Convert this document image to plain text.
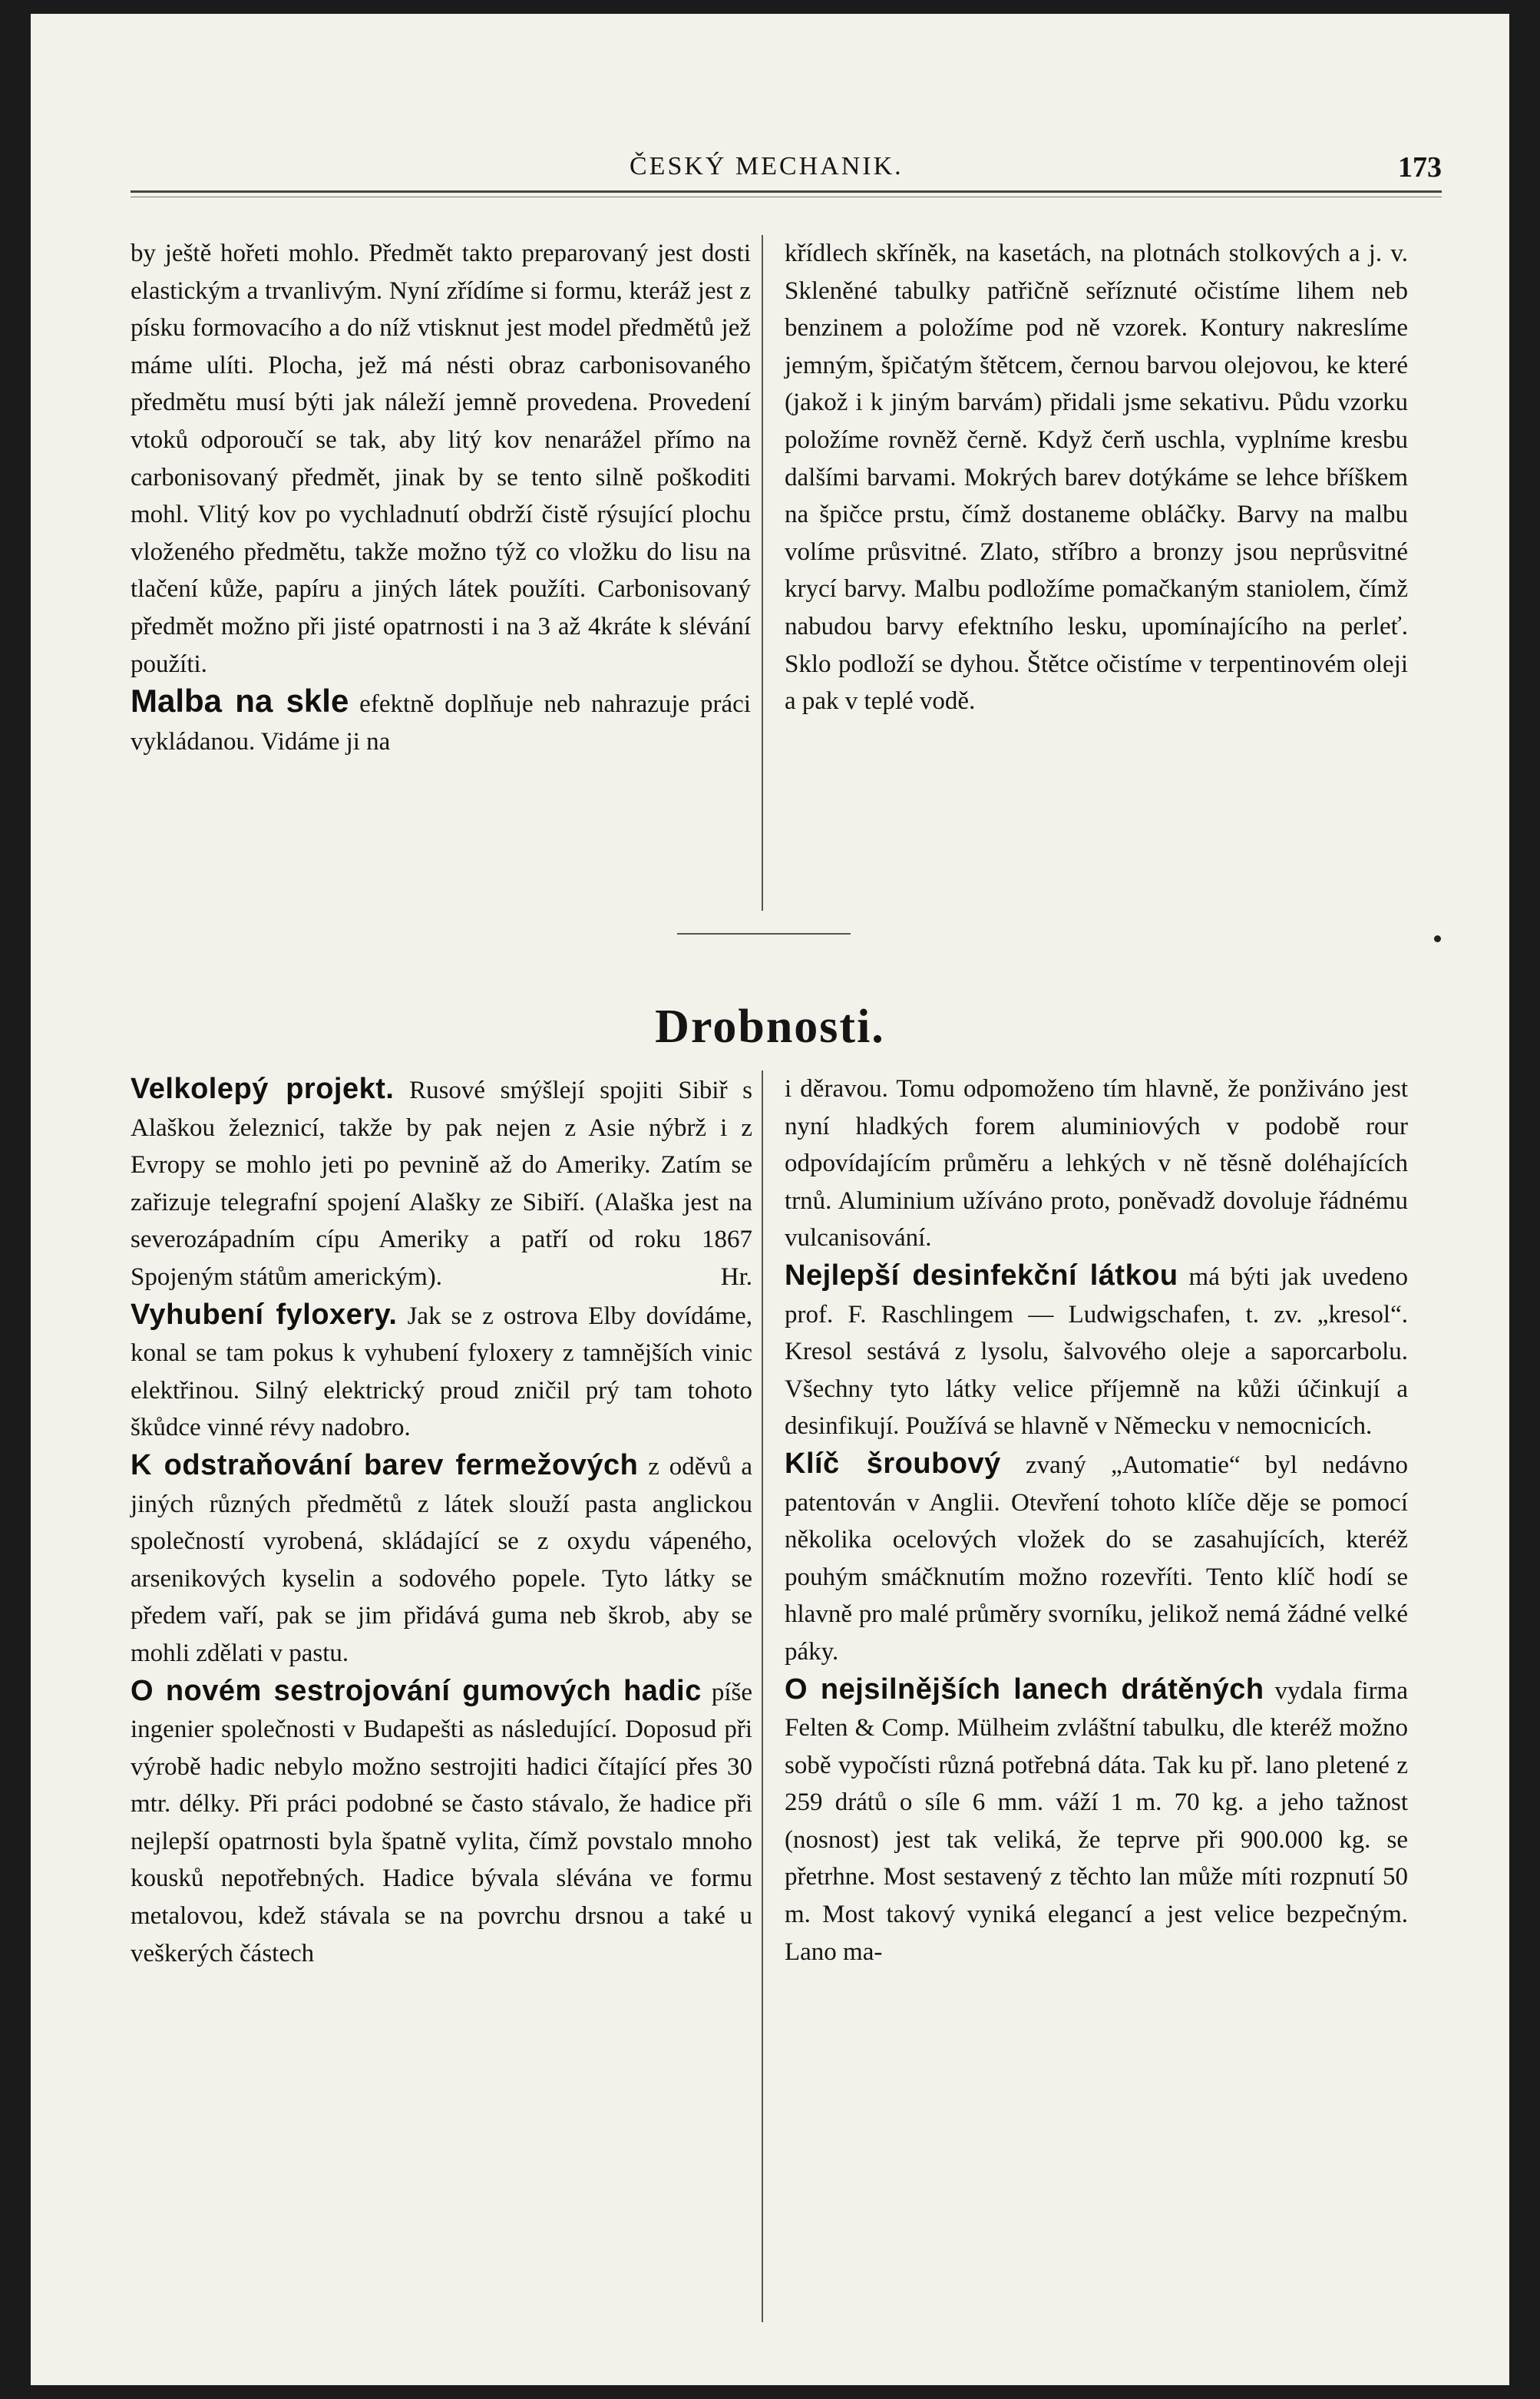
ČESKÝ MECHANIK.	173

by ještě hořeti mohlo. Předmět takto preparovaný jest dosti elastickým a trvanlivým. Nyní zřídíme si formu, kteráž jest z písku formovacího a do níž vtisknut jest model předmětů jež máme ulíti. Plocha, jež má nésti obraz carbonisovaného předmětu musí býti jak náleží jemně provedena. Provedení vtoků odporoučí se tak, aby litý kov nenarážel přímo na carbonisovaný předmět, jinak by se tento silně poškoditi mohl. Vlitý kov po vychladnutí obdrží čistě rýsující plochu vloženého předmětu, takže možno týž co vložku do lisu na tlačení kůže, papíru a jiných látek použíti. Carbonisovaný předmět možno při jisté opatrnosti i na 3 až 4kráte k slévání použíti.

Malba na skle efektně doplňuje neb nahrazuje práci vykládanou. Vidáme ji na

křídlech skříněk, na kasetách, na plotnách stolkových a j. v. Skleněné tabulky patřičně seříznuté očistíme lihem neb benzinem a položíme pod ně vzorek. Kontury nakreslíme jemným, špičatým štětcem, černou barvou olejovou, ke které (jakož i k jiným barvám) přidali jsme sekativu. Půdu vzorku položíme rovněž černě. Když čerň uschla, vyplníme kresbu dalšími barvami. Mokrých barev dotýkáme se lehce bříškem na špičce prstu, čímž dostaneme obláčky. Barvy na malbu volíme průsvitné. Zlato, stříbro a bronzy jsou neprůsvitné krycí barvy. Malbu podložíme pomačkaným staniolem, čímž nabudou barvy efektního lesku, upomínajícího na perleť. Sklo podloží se dyhou. Štětce očistíme v terpentinovém oleji a pak v teplé vodě.

Drobnosti.

Velkolepý projekt. Rusové smýšlejí spojiti Sibiř s Alaškou železnicí, takže by pak nejen z Asie nýbrž i z Evropy se mohlo jeti po pevnině až do Ameriky. Zatím se zařizuje telegrafní spojení Alašky ze Sibiří. (Alaška jest na severozápadním cípu Ameriky a patří od roku 1867 Spojeným státům americkým).	Hr.

Vyhubení fyloxery. Jak se z ostrova Elby dovídáme, konal se tam pokus k vyhubení fyloxery z tamnějších vinic elektřinou. Silný elektrický proud zničil prý tam tohoto škůdce vinné révy nadobro.

K odstraňování barev fermežových z oděvů a jiných různých předmětů z látek slouží pasta anglickou společností vyrobená, skládající se z oxydu vápeného, arsenikových kyselin a sodového popele. Tyto látky se předem vaří, pak se jim přidává guma neb škrob, aby se mohli zdělati v pastu.

O novém sestrojování gumových hadic píše ingenier společnosti v Budapešti as následující. Doposud při výrobě hadic nebylo možno sestrojiti hadici čítající přes 30 mtr. délky. Při práci podobné se často stávalo, že hadice při nejlepší opatrnosti byla špatně vylita, čímž povstalo mnoho kousků nepotřebných. Hadice bývala slévána ve formu metalovou, kdež stávala se na povrchu drsnou a také u veškerých částech

i děravou. Tomu odpomoženo tím hlavně, že ponživáno jest nyní hladkých forem aluminiových v podobě rour odpovídajícím průměru a lehkých v ně těsně doléhajících trnů. Aluminium užíváno proto, poněvadž dovoluje řádnému vulcanisování.

Nejlepší desinfekční látkou má býti jak uvedeno prof. F. Raschlingem — Ludwigschafen, t. zv. „kresol“. Kresol sestává z lysolu, šalvového oleje a saporcarbolu. Všechny tyto látky velice příjemně na kůži účinkují a desinfikují. Používá se hlavně v Německu v nemocnicích.

Klíč šroubový zvaný „Automatie“ byl nedávno patentován v Anglii. Otevření tohoto klíče děje se pomocí několika ocelových vložek do se zasahujících, kteréž pouhým smáčknutím možno rozevříti. Tento klíč hodí se hlavně pro malé průměry svorníku, jelikož nemá žádné velké páky.

O nejsilnějších lanech drátěných vydala firma Felten & Comp. Mülheim zvláštní tabulku, dle kteréž možno sobě vypočísti různá potřebná dáta. Tak ku př. lano pletené z 259 drátů o síle 6 mm. váží 1 m. 70 kg. a jeho tažnost (nosnost) jest tak veliká, že teprve při 900.000 kg. se přetrhne. Most sestavený z těchto lan může míti rozpnutí 50 m. Most takový vyniká elegancí a jest velice bezpečným. Lano ma-
